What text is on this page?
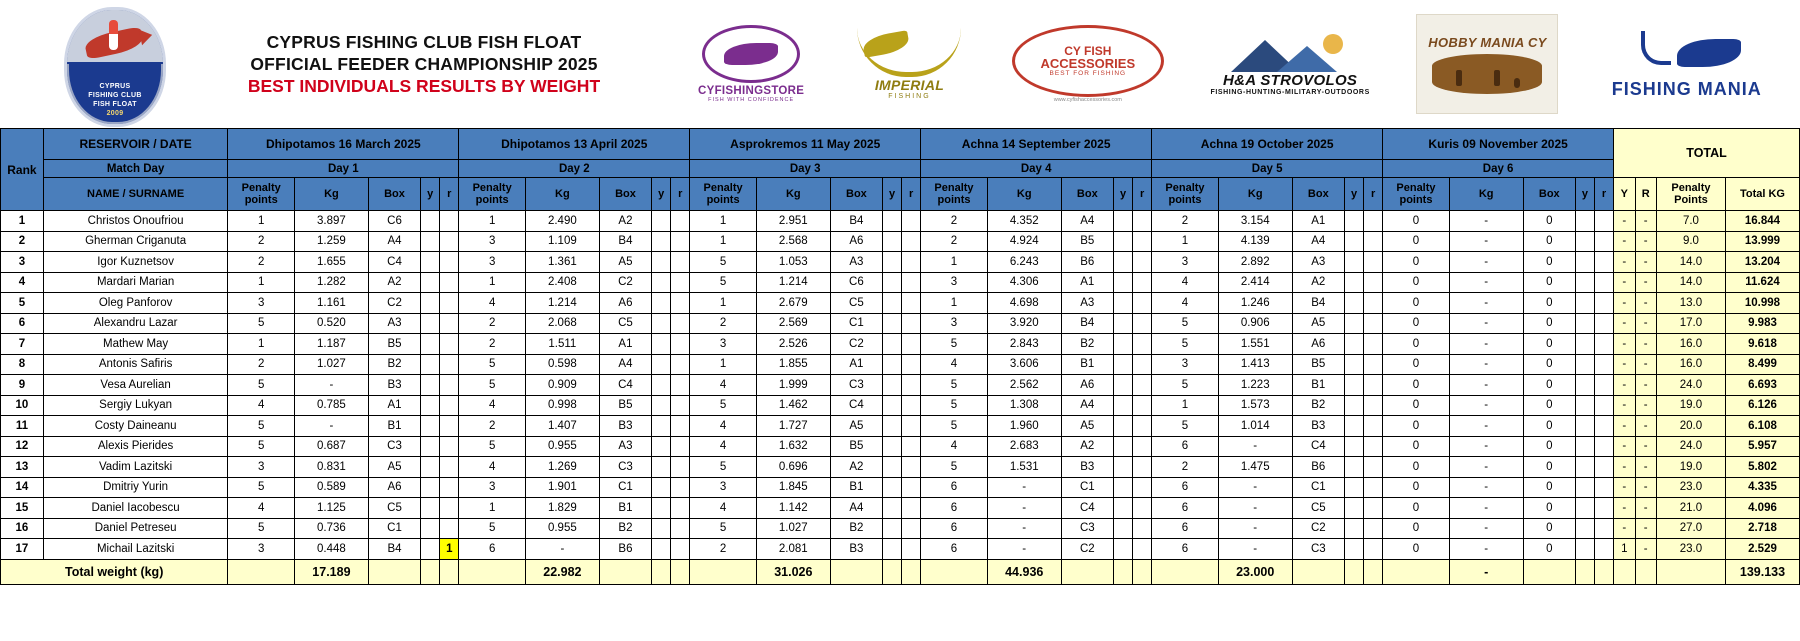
CYPRUS
FISHING CLUB
FISH FLOAT
2009
CYPRUS FISHING CLUB FISH FLOAT
OFFICIAL FEEDER CHAMPIONSHIP 2025
BEST INDIVIDUALS RESULTS BY WEIGHT	CYFISHINGSTORE
FISH WITH CONFIDENCE
IMPERIAL
FISHING
CY FISH
ACCESSORIES
BEST FOR FISHING
www.cyfishaccessories.com
H&A STROVOLOS
FISHING-HUNTING-MILITARY-OUTDOORS
HOBBY MANIA CY
FISHING MANIA
Rank	RESERVOIR / DATE	Dhipotamos 16 March 2025					Dhipotamos 13 April 2025					Asprokremos 11 May 2025					Achna 14 September 2025					Achna 19 October 2025					Kuris 09 November 2025					TOTAL			
	Match Day	Day 1					Day 2					Day 3					Day 4					Day 5					Day 6								
	NAME / SURNAME	Penalty points	Kg	Box	y	r	Penalty points	Kg	Box	y	r	Penalty points	Kg	Box	y	r	Penalty points	Kg	Box	y	r	Penalty points	Kg	Box	y	r	Penalty points	Kg	Box	y	r	Y	R	Penalty Points	Total KG
1	Christos Onoufriou	1	3.897	C6			1	2.490	A2			1	2.951	B4			2	4.352	A4			2	3.154	A1			0	-	0			-	-	7.0	16.844
2	Gherman Criganuta	2	1.259	A4			3	1.109	B4			1	2.568	A6			2	4.924	B5			1	4.139	A4			0	-	0			-	-	9.0	13.999
3	Igor Kuznetsov	2	1.655	C4			3	1.361	A5			5	1.053	A3			1	6.243	B6			3	2.892	A3			0	-	0			-	-	14.0	13.204
4	Mardari Marian	1	1.282	A2			1	2.408	C2			5	1.214	C6			3	4.306	A1			4	2.414	A2			0	-	0			-	-	14.0	11.624
5	Oleg Panforov	3	1.161	C2			4	1.214	A6			1	2.679	C5			1	4.698	A3			4	1.246	B4			0	-	0			-	-	13.0	10.998
6	Alexandru Lazar	5	0.520	A3			2	2.068	C5			2	2.569	C1			3	3.920	B4			5	0.906	A5			0	-	0			-	-	17.0	9.983
7	Mathew May	1	1.187	B5			2	1.511	A1			3	2.526	C2			5	2.843	B2			5	1.551	A6			0	-	0			-	-	16.0	9.618
8	Antonis Safiris	2	1.027	B2			5	0.598	A4			1	1.855	A1			4	3.606	B1			3	1.413	B5			0	-	0			-	-	16.0	8.499
9	Vesa Aurelian	5	-	B3			5	0.909	C4			4	1.999	C3			5	2.562	A6			5	1.223	B1			0	-	0			-	-	24.0	6.693
10	Sergiy Lukyan	4	0.785	A1			4	0.998	B5			5	1.462	C4			5	1.308	A4			1	1.573	B2			0	-	0			-	-	19.0	6.126
11	Costy Daineanu	5	-	B1			2	1.407	B3			4	1.727	A5			5	1.960	A5			5	1.014	B3			0	-	0			-	-	20.0	6.108
12	Alexis Pierides	5	0.687	C3			5	0.955	A3			4	1.632	B5			4	2.683	A2			6	-	C4			0	-	0			-	-	24.0	5.957
13	Vadim Lazitski	3	0.831	A5			4	1.269	C3			5	0.696	A2			5	1.531	B3			2	1.475	B6			0	-	0			-	-	19.0	5.802
14	Dmitriy Yurin	5	0.589	A6			3	1.901	C1			3	1.845	B1			6	-	C1			6	-	C1			0	-	0			-	-	23.0	4.335
15	Daniel Iacobescu	4	1.125	C5			1	1.829	B1			4	1.142	A4			6	-	C4			6	-	C5			0	-	0			-	-	21.0	4.096
16	Daniel Petreseu	5	0.736	C1			5	0.955	B2			5	1.027	B2			6	-	C3			6	-	C2			0	-	0			-	-	27.0	2.718
17	Michail Lazitski	3	0.448	B4		1	6	-	B6			2	2.081	B3			6	-	C2			6	-	C3			0	-	0			1	-	23.0	2.529
Total weight (kg)			17.189					22.982					31.026					44.936					23.000					-							139.133
